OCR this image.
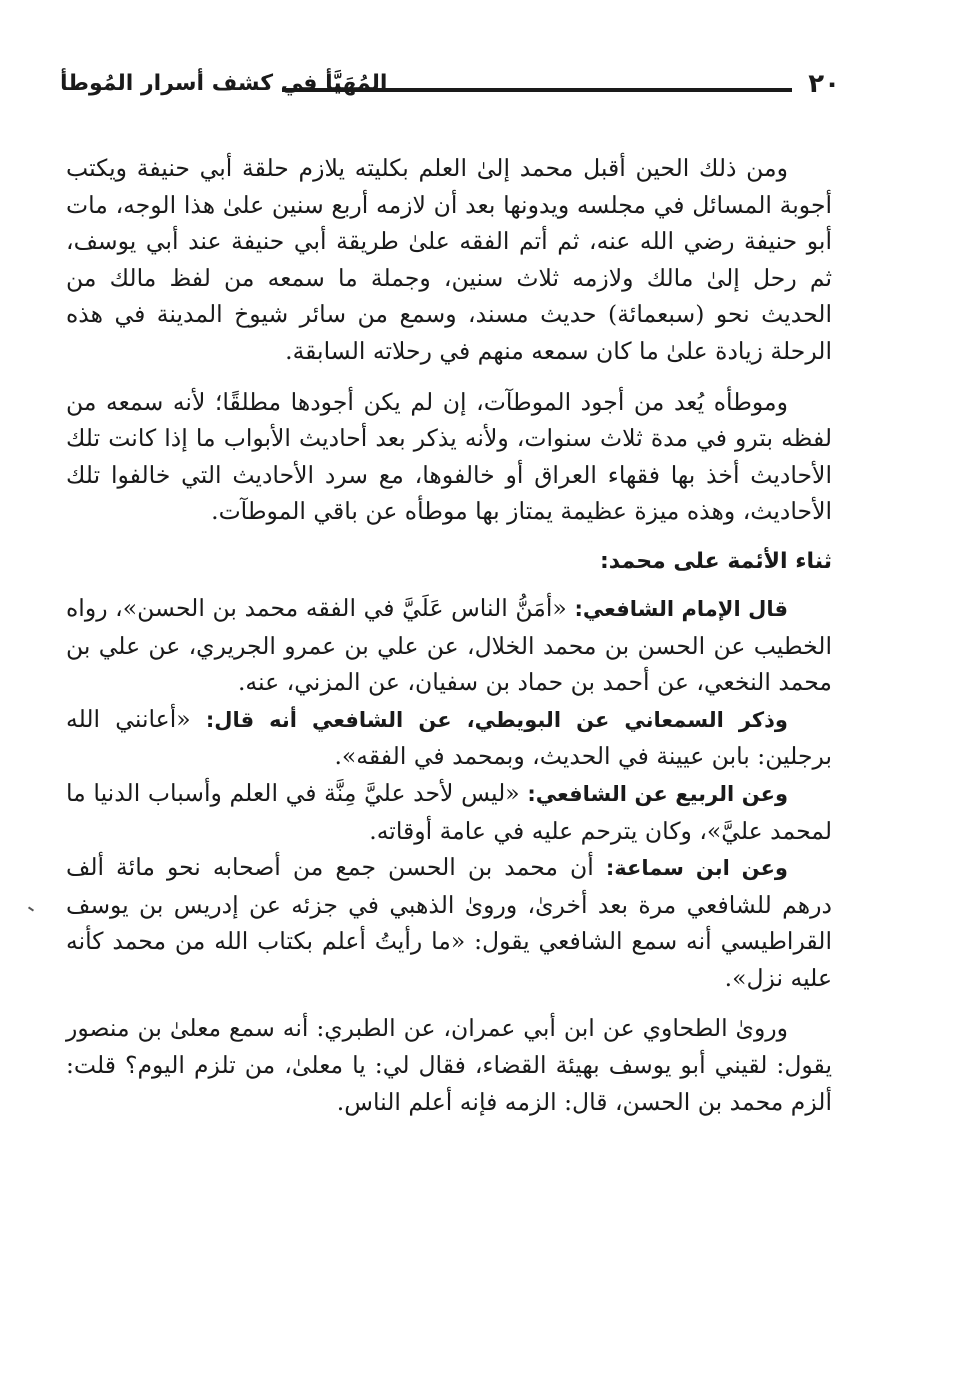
٢٠
المُهَيَّأ في كشف أسرار المُوطأ

ومن ذلك الحين أقبل محمد إلىٰ العلم بكليته يلازم حلقة أبي حنيفة ويكتب أجوبة المسائل في مجلسه ويدونها بعد أن لازمه أربع سنين علىٰ هذا الوجه، مات أبو حنيفة رضي الله عنه، ثم أتم الفقه علىٰ طريقة أبي حنيفة عند أبي يوسف، ثم رحل إلىٰ مالك ولازمه ثلاث سنين، وجملة ما سمعه من لفظ مالك من الحديث نحو (سبعمائة) حديث مسند، وسمع من سائر شيوخ المدينة في هذه الرحلة زيادة علىٰ ما كان سمعه منهم في رحلاته السابقة.

وموطأه يُعد من أجود الموطآت، إن لم يكن أجودها مطلقًا؛ لأنه سمعه من لفظه بترو في مدة ثلاث سنوات، ولأنه يذكر بعد أحاديث الأبواب ما إذا كانت تلك الأحاديث أخذ بها فقهاء العراق أو خالفوها، مع سرد الأحاديث التي خالفوا تلك الأحاديث، وهذه ميزة عظيمة يمتاز بها موطأه عن باقي الموطآت.

ثناء الأئمة على محمد:

قال الإمام الشافعي: «أمَنُّ الناس عَلَيَّ في الفقه محمد بن الحسن»، رواه الخطيب عن الحسن بن محمد الخلال، عن علي بن عمرو الجريري، عن علي بن محمد النخعي، عن أحمد بن حماد بن سفيان، عن المزني، عنه.

وذكر السمعاني عن البويطي، عن الشافعي أنه قال: «أعانني الله برجلين: بابن عيينة في الحديث، وبمحمد في الفقه».

وعن الربيع عن الشافعي: «ليس لأحد عليَّ مِنَّة في العلم وأسباب الدنيا ما لمحمد عليَّ»، وكان يترحم عليه في عامة أوقاته.

وعن ابن سماعة: أن محمد بن الحسن جمع من أصحابه نحو مائة ألف درهم للشافعي مرة بعد أخرىٰ، وروىٰ الذهبي في جزئه عن إدريس بن يوسف القراطيسي أنه سمع الشافعي يقول: «ما رأيتُ أعلم بكتاب الله من محمد كأنه عليه نزل».

وروىٰ الطحاوي عن ابن أبي عمران، عن الطبري: أنه سمع معلىٰ بن منصور يقول: لقيني أبو يوسف بهيئة القضاء، فقال لي: يا معلىٰ، من تلزم اليوم؟ قلت: ألزم محمد بن الحسن، قال: الزمه فإنه أعلم الناس.
